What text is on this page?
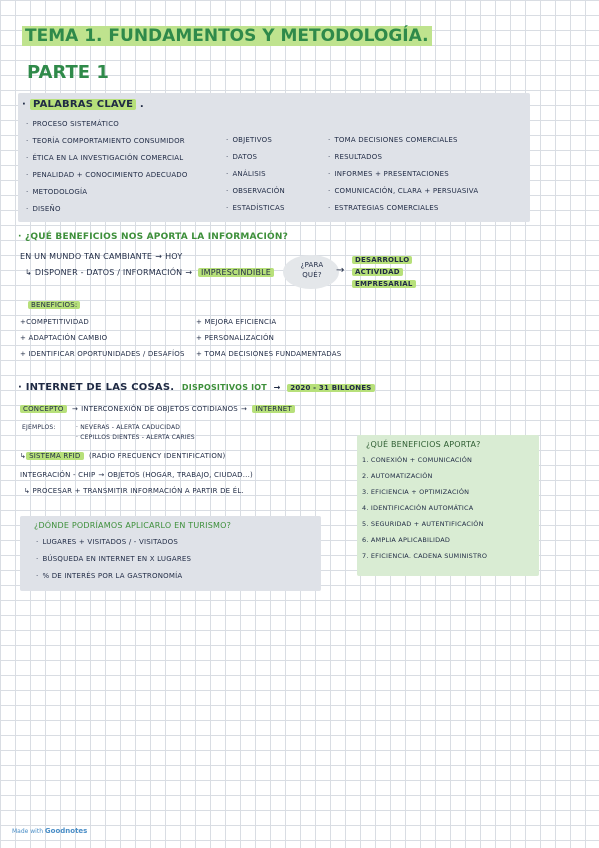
TEMA 1. FUNDAMENTOS Y METODOLOGÍA.
PARTE 1
· PALABRAS CLAVE .
· PROCESO SISTEMÁTICO
· TEORÍA COMPORTAMIENTO CONSUMIDOR
· ÉTICA EN LA INVESTIGACIÓN COMERCIAL
· PENALIDAD + CONOCIMIENTO ADECUADO
· METODOLOGÍA
· DISEÑO
· OBJETIVOS
· DATOS
· ANÁLISIS
· OBSERVACIÓN
· ESTADÍSTICAS
· TOMA DECISIONES COMERCIALES
· RESULTADOS
· INFORMES + PRESENTACIONES
· COMUNICACIÓN, CLARA + PERSUASIVA
· ESTRATEGIAS COMERCIALES
· ¿QUÉ BENEFICIOS NOS APORTA LA INFORMACIÓN?
EN UN MUNDO TAN CAMBIANTE → HOY
↳ DISPONER - DATOS / INFORMACIÓN → IMPRESCINDIBLE
¿PARA QUÉ?	→
DESARROLLO
ACTIVIDAD
EMPRESARIAL
BENEFICIOS:
+COMPETITIVIDAD
+ ADAPTACIÓN CAMBIO
+ IDENTIFICAR OPORTUNIDADES / DESAFÍOS
+ MEJORA EFICIENCIA
+ PERSONALIZACIÓN
+ TOMA DECISIONES FUNDAMENTADAS
· INTERNET DE LAS COSAS. DISPOSITIVOS IOT → 2020 - 31 BILLONES
CONCEPTO → INTERCONEXIÓN DE OBJETOS COTIDIANOS → INTERNET
EJEMPLOS:	· NEVERAS - ALERTA CADUCIDAD
· CEPILLOS DIENTES - ALERTA CARIES
↳ SISTEMA RFID (RADIO FRECUENCY IDENTIFICATION)
INTEGRACIÓN - CHIP → OBJETOS (HOGAR, TRABAJO, CIUDAD...)
↳ PROCESAR + TRANSMITIR INFORMACIÓN A PARTIR DE ÉL.
¿DÓNDE PODRÍAMOS APLICARLO EN TURISMO?
· LUGARES + VISITADOS / - VISITADOS
· BÚSQUEDA EN INTERNET EN X LUGARES
· % DE INTERÉS POR LA GASTRONOMÍA
¿QUÉ BENEFICIOS APORTA?
1. CONEXIÓN + COMUNICACIÓN
2. AUTOMATIZACIÓN
3. EFICIENCIA + OPTIMIZACIÓN
4. IDENTIFICACIÓN AUTOMÁTICA
5. SEGURIDAD + AUTENTIFICACIÓN
6. AMPLIA APLICABILIDAD
7. EFICIENCIA. CADENA SUMINISTRO
Made with Goodnotes
